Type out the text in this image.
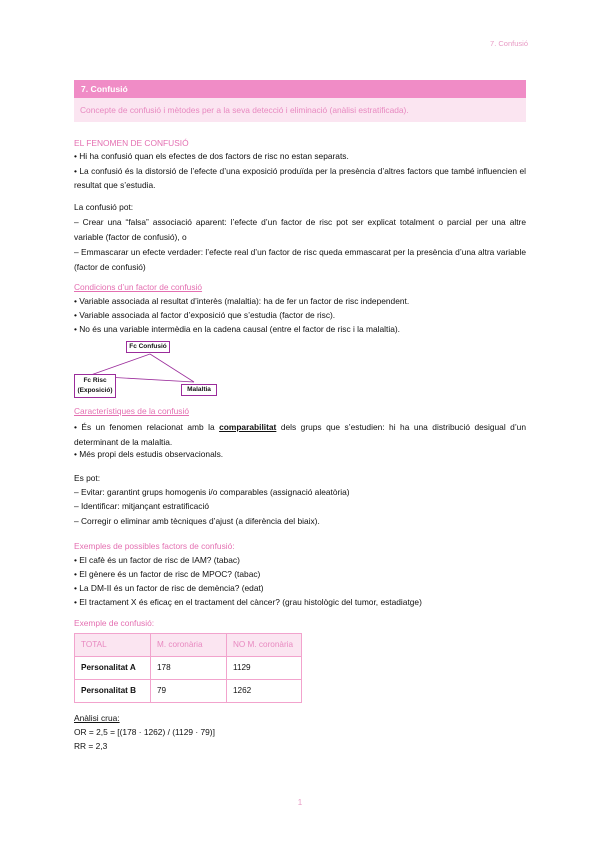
7. Confusió
7. Confusió
Concepte de confusió i mètodes per a la seva detecció i eliminació (anàlisi estratificada).
EL FENOMEN DE CONFUSIÓ
• Hi ha confusió quan els efectes de dos factors de risc no estan separats.
• La confusió és la distorsió de l’efecte d’una exposició produïda per la presència d’altres factors que també influencien el resultat que s’estudia.
La confusió pot:
– Crear una “falsa” associació aparent: l’efecte d’un factor de risc pot ser explicat totalment o parcial per una altre variable (factor de confusió), o
– Emmascarar un efecte verdader: l’efecte real d’un factor de risc queda emmascarat per la presència d’una altra variable (factor de confusió)
Condicions d’un factor de confusió
• Variable associada al resultat d’interès (malaltia): ha de fer un factor de risc independent.
• Variable associada al factor d’exposició que s’estudia (factor de risc).
• No és una variable intermèdia en la cadena causal (entre el factor de risc i la malaltia).
Fc Confusió
Fc Risc
(Exposició)	Malaltia
Característiques de la confusió
• És un fenomen relacionat amb la comparabilitat dels grups que s’estudien: hi ha una distribució desigual d’un determinant de la malaltia.
• Més propi dels estudis observacionals.
Es pot:
– Evitar: garantint grups homogenis i/o comparables (assignació aleatòria)
– Identificar: mitjançant estratificació
– Corregir o eliminar amb tècniques d’ajust (a diferència del biaix).
Exemples de possibles factors de confusió:
• El cafè és un factor de risc de IAM? (tabac)
• El gènere és un factor de risc de MPOC? (tabac)
• La DM-II és un factor de risc de demència? (edat)
• El tractament X és eficaç en el tractament del càncer? (grau histològic del tumor, estadiatge)
Exemple de confusió:
TOTAL	M. coronària	NO M. coronària
Personalitat A	178	1129
Personalitat B	79	1262
Anàlisi crua:
OR = 2,5 = [(178 · 1262) / (1129 · 79)]
RR = 2,3
1
